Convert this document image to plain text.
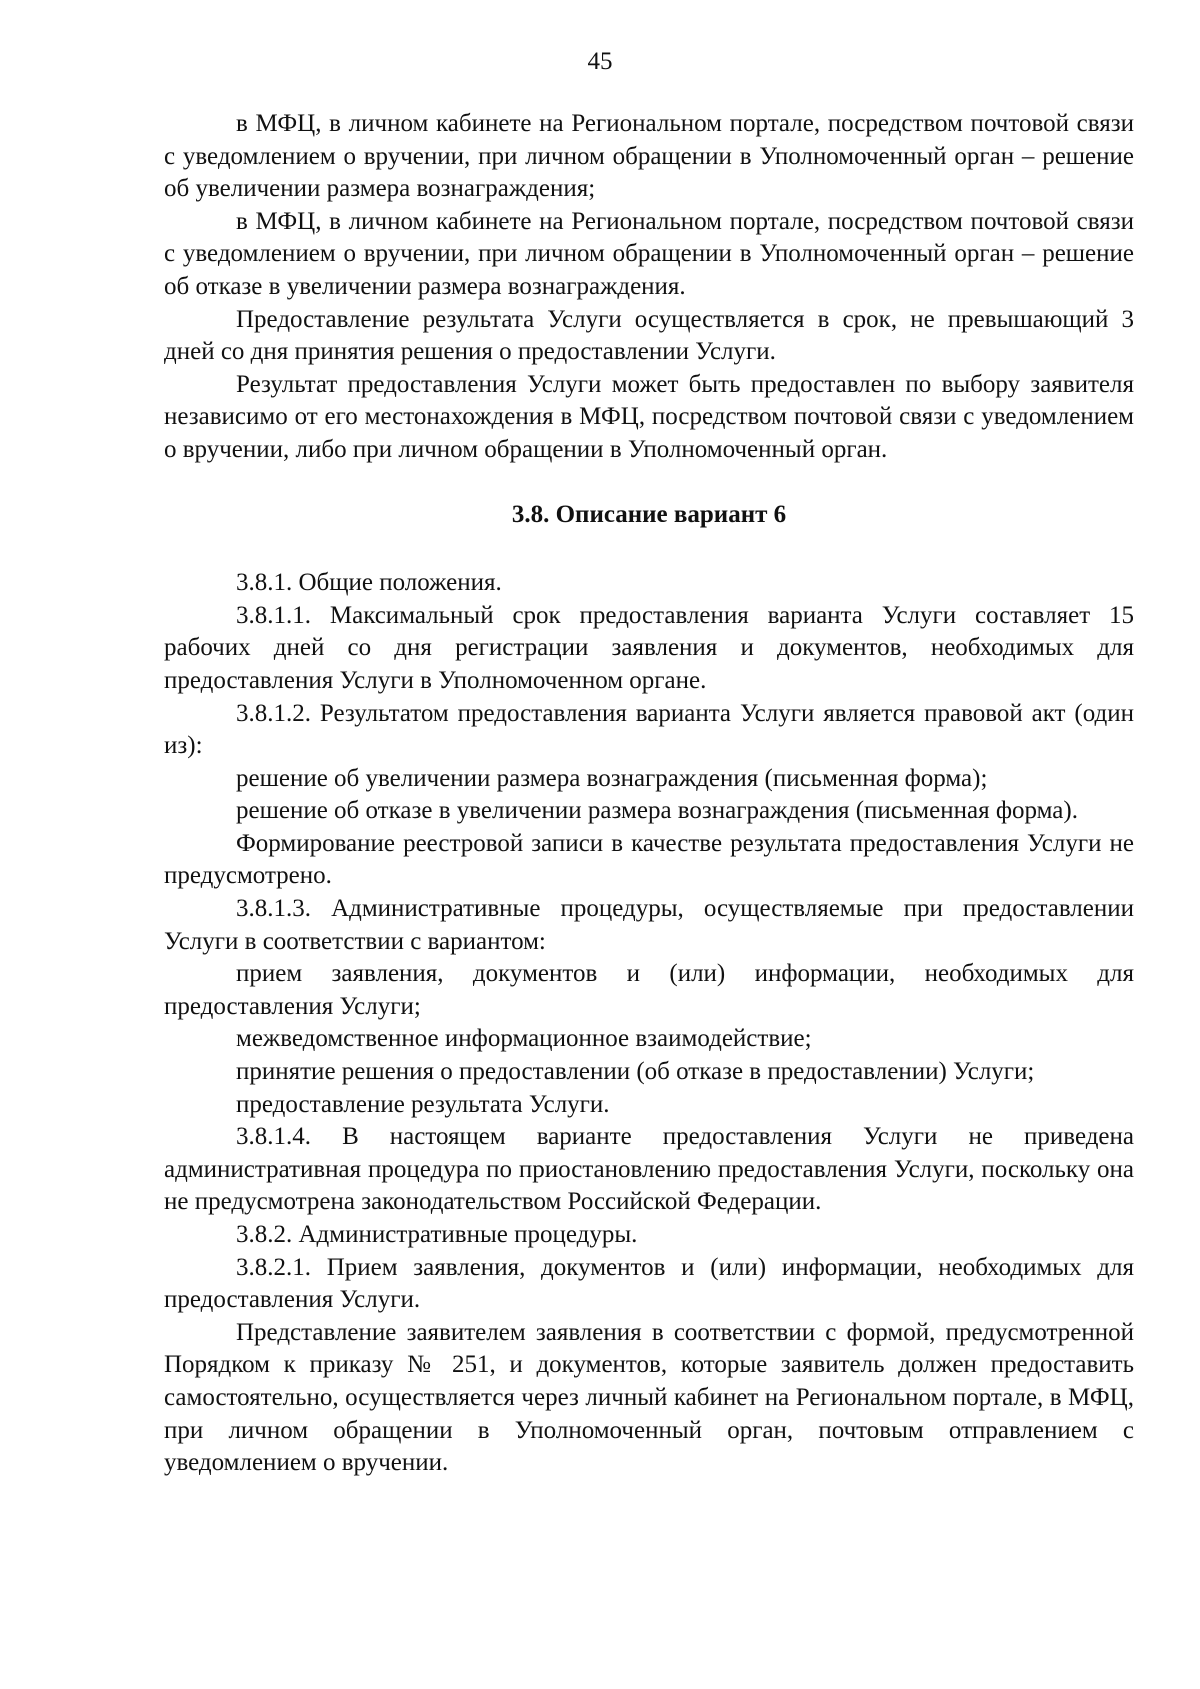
45

в МФЦ, в личном кабинете на Региональном портале, посредством почтовой связи с уведомлением о вручении, при личном обращении в Уполномоченный орган – решение об увеличении размера вознаграждения;

в МФЦ, в личном кабинете на Региональном портале, посредством почтовой связи с уведомлением о вручении, при личном обращении в Уполномоченный орган – решение об отказе в увеличении размера вознаграждения.

Предоставление результата Услуги осуществляется в срок, не превышающий 3 дней со дня принятия решения о предоставлении Услуги.

Результат предоставления Услуги может быть предоставлен по выбору заявителя независимо от его местонахождения в МФЦ, посредством почтовой связи с уведомлением о вручении, либо при личном обращении в Уполномоченный орган.

3.8. Описание вариант 6

3.8.1. Общие положения.

3.8.1.1. Максимальный срок предоставления варианта Услуги составляет 15 рабочих дней со дня регистрации заявления и документов, необходимых для предоставления Услуги в Уполномоченном органе.

3.8.1.2. Результатом предоставления варианта Услуги является правовой акт (один из):

решение об увеличении размера вознаграждения (письменная форма);

решение об отказе в увеличении размера вознаграждения (письменная форма).

Формирование реестровой записи в качестве результата предоставления Услуги не предусмотрено.

3.8.1.3. Административные процедуры, осуществляемые при предоставлении Услуги в соответствии с вариантом:

прием заявления, документов и (или) информации, необходимых для предоставления Услуги;

межведомственное информационное взаимодействие;

принятие решения о предоставлении (об отказе в предоставлении) Услуги;

предоставление результата Услуги.

3.8.1.4. В настоящем варианте предоставления Услуги не приведена административная процедура по приостановлению предоставления Услуги, поскольку она не предусмотрена законодательством Российской Федерации.

3.8.2. Административные процедуры.

3.8.2.1. Прием заявления, документов и (или) информации, необходимых для предоставления Услуги.

Представление заявителем заявления в соответствии с формой, предусмотренной Порядком к приказу № 251, и документов, которые заявитель должен предоставить самостоятельно, осуществляется через личный кабинет на Региональном портале, в МФЦ, при личном обращении в Уполномоченный орган, почтовым отправлением с уведомлением о вручении.
